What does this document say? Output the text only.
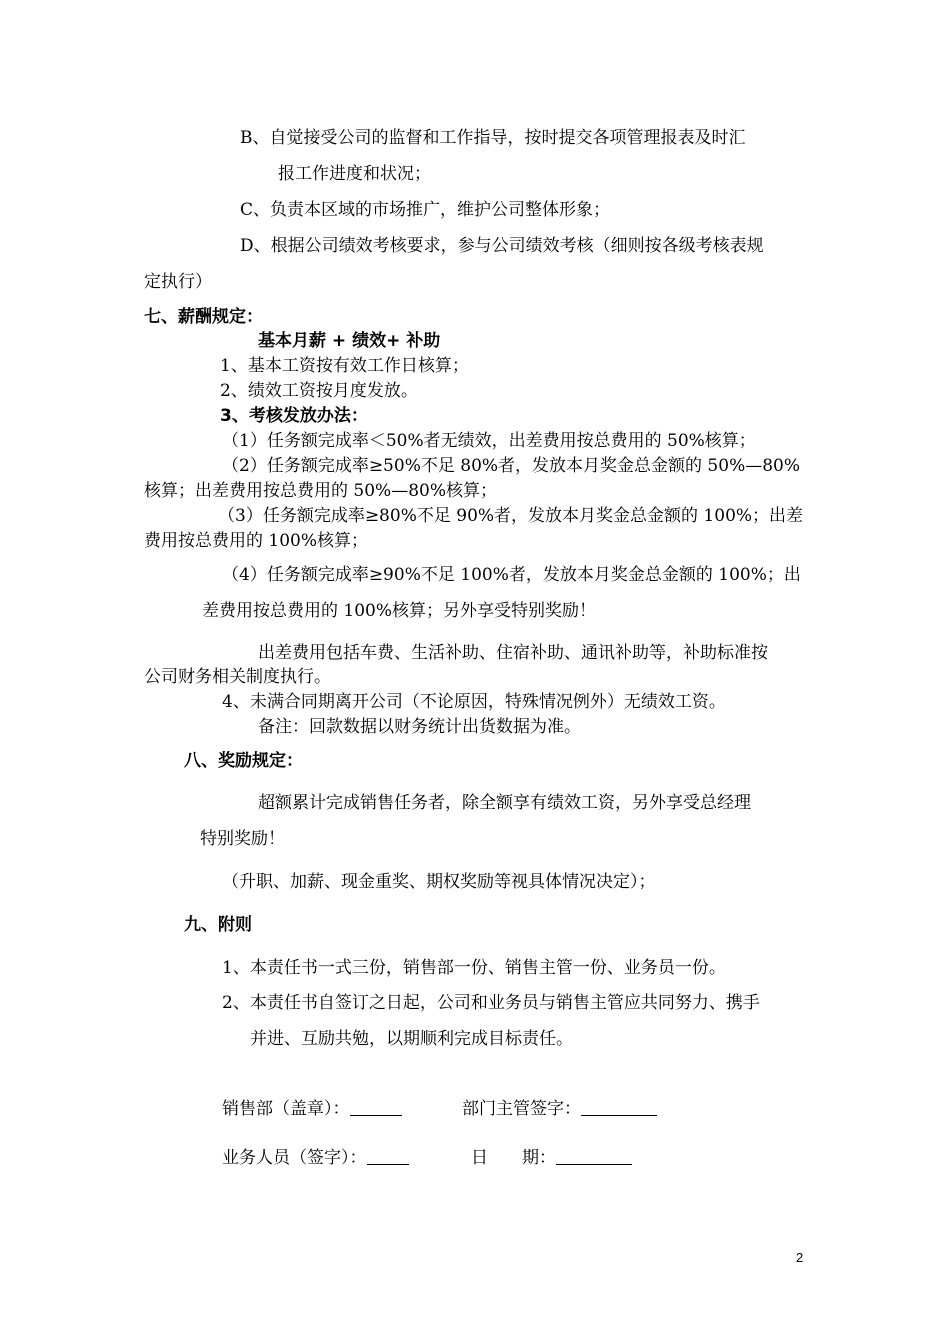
B、自觉接受公司的监督和工作指导，按时提交各项管理报表及时汇
报工作进度和状况；
C、负责本区域的市场推广，维护公司整体形象；
D、根据公司绩效考核要求，参与公司绩效考核（细则按各级考核表规
定执行）
七、薪酬规定：
基本月薪 + 绩效+ 补助
1、基本工资按有效工作日核算；
2、绩效工资按月度发放。
3、考核发放办法：
（1）任务额完成率＜50%者无绩效，出差费用按总费用的 50%核算；
（2）任务额完成率≥50%不足 80%者，发放本月奖金总金额的 50%—80%
核算；出差费用按总费用的 50%—80%核算；
（3）任务额完成率≥80%不足 90%者，发放本月奖金总金额的 100%；出差
费用按总费用的 100%核算；
（4）任务额完成率≥90%不足 100%者，发放本月奖金总金额的 100%；出
差费用按总费用的 100%核算；另外享受特别奖励！
出差费用包括车费、生活补助、住宿补助、通讯补助等，补助标准按
公司财务相关制度执行。
4、未满合同期离开公司（不论原因，特殊情况例外）无绩效工资。
备注：回款数据以财务统计出货数据为准。
八、奖励规定：
超额累计完成销售任务者，除全额享有绩效工资，另外享受总经理
特别奖励！
（升职、加薪、现金重奖、期权奖励等视具体情况决定）；
九、附则
1、本责任书一式三份，销售部一份、销售主管一份、业务员一份。
2、本责任书自签订之日起，公司和业务员与销售主管应共同努力、携手
并进、互励共勉，以期顺利完成目标责任。
销售部（盖章）：	部门主管签字：
业务人员（签字）：	日　　期：
2
